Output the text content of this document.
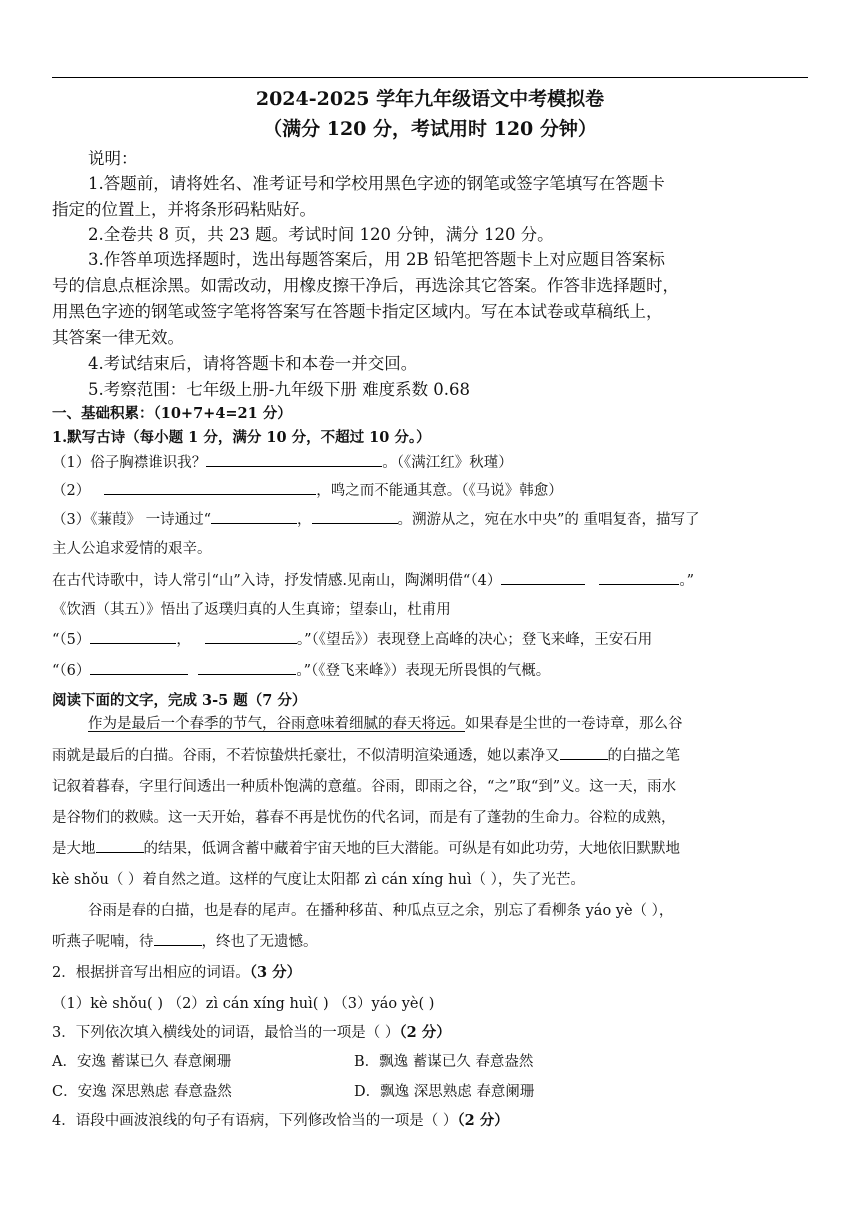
2024-2025 学年九年级语文中考模拟卷
（满分 120 分，考试用时 120 分钟）
说明：
1.答题前，请将姓名、准考证号和学校用黑色字迹的钢笔或签字笔填写在答题卡
指定的位置上，并将条形码粘贴好。
2.全卷共 8 页，共 23 题。考试时间 120 分钟，满分 120 分。
3.作答单项选择题时，选出每题答案后，用 2B 铅笔把答题卡上对应题目答案标
号的信息点框涂黑。如需改动，用橡皮擦干净后，再选涂其它答案。作答非选择题时，
用黑色字迹的钢笔或签字笔将答案写在答题卡指定区域内。写在本试卷或草稿纸上，
其答案一律无效。
4.考试结束后，请将答题卡和本卷一并交回。
5.考察范围：七年级上册-九年级下册 难度系数 0.68
一、基础积累：（10+7+4=21 分）
1.默写古诗（每小题 1 分，满分 10 分，不超过 10 分。）
（1）俗子胸襟谁识我？	。（《满江红》秋瑾）
（2）	，鸣之而不能通其意。（《马说》韩愈）
（3）《蒹葭》 一诗通过“	，	。溯游从之，宛在水中央”的 重唱复沓，描写了
主人公追求爱情的艰辛。
在古代诗歌中，诗人常引“山”入诗，抒发情感.见南山，陶渊明借“（4）	。”
《饮酒（其五）》悟出了返璞归真的人生真谛；望泰山，杜甫用
“（5）	，	。”（《望岳》）表现登上高峰的决心；登飞来峰，王安石用
“（6）	。”（《登飞来峰》）表现无所畏惧的气概。
阅读下面的文字，完成 3-5 题（7 分）
作为是最后一个春季的节气，谷雨意味着细腻的春天将远。如果春是尘世的一卷诗章，那么谷
雨就是最后的白描。谷雨，不若惊蛰烘托豪壮，不似清明渲染通透，她以素净又	的白描之笔
记叙着暮春，字里行间透出一种质朴饱满的意蕴。谷雨，即雨之谷，“之”取“到”义。这一天，雨水
是谷物们的救赎。这一天开始，暮春不再是忧伤的代名词，而是有了蓬勃的生命力。谷粒的成熟，
是大地	的结果，低调含蓄中藏着宇宙天地的巨大潜能。可纵是有如此功劳，大地依旧默默地
kè shǒu（ ）着自然之道。这样的气度让太阳都 zì cán xíng huì（ ），失了光芒。
谷雨是春的白描，也是春的尾声。在播种移苗、种瓜点豆之余，别忘了看柳条 yáo yè（ ），
听燕子呢喃，待	，终也了无遗憾。
2．根据拼音写出相应的词语。（3 分）
（1）kè shǒu( ) （2）zì cán xíng huì( ) （3）yáo yè( )
3．下列依次填入横线处的词语，最恰当的一项是（ ）（2 分）
A．安逸 蓄谋已久 春意阑珊	B．飘逸 蓄谋已久 春意盎然
C．安逸 深思熟虑 春意盎然	D．飘逸 深思熟虑 春意阑珊
4．语段中画波浪线的句子有语病，下列修改恰当的一项是（ ）（2 分）
